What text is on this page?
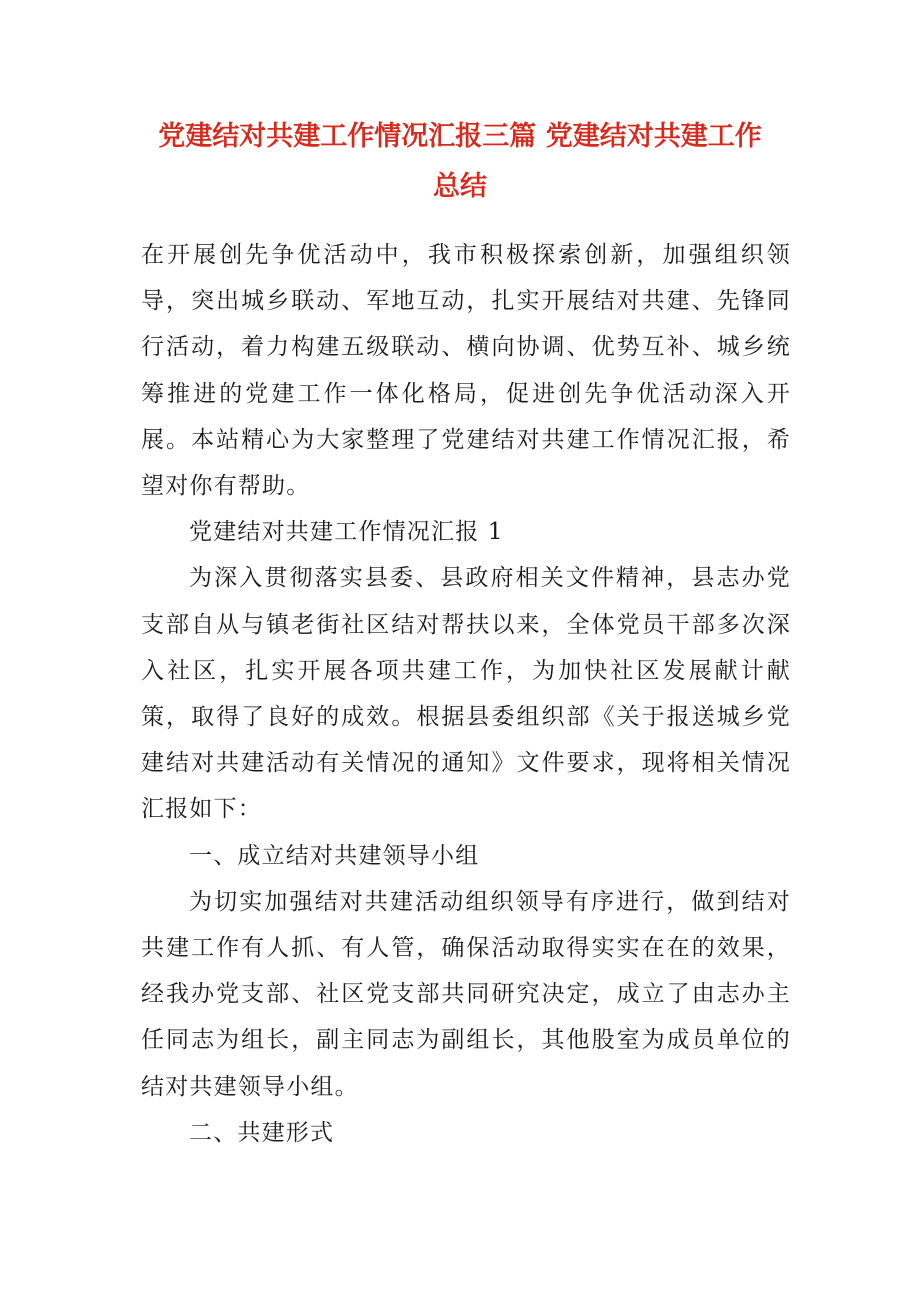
党建结对共建工作情况汇报三篇 党建结对共建工作
总结

在开展创先争优活动中，我市积极探索创新，加强组织领导，突出城乡联动、军地互动，扎实开展结对共建、先锋同行活动，着力构建五级联动、横向协调、优势互补、城乡统筹推进的党建工作一体化格局，促进创先争优活动深入开展。本站精心为大家整理了党建结对共建工作情况汇报，希望对你有帮助。

党建结对共建工作情况汇报 1

为深入贯彻落实县委、县政府相关文件精神，县志办党支部自从与镇老街社区结对帮扶以来，全体党员干部多次深入社区，扎实开展各项共建工作，为加快社区发展献计献策，取得了良好的成效。根据县委组织部《关于报送城乡党建结对共建活动有关情况的通知》文件要求，现将相关情况汇报如下：

一、成立结对共建领导小组

为切实加强结对共建活动组织领导有序进行，做到结对共建工作有人抓、有人管，确保活动取得实实在在的效果，经我办党支部、社区党支部共同研究决定，成立了由志办主任同志为组长，副主同志为副组长，其他股室为成员单位的结对共建领导小组。

二、共建形式
